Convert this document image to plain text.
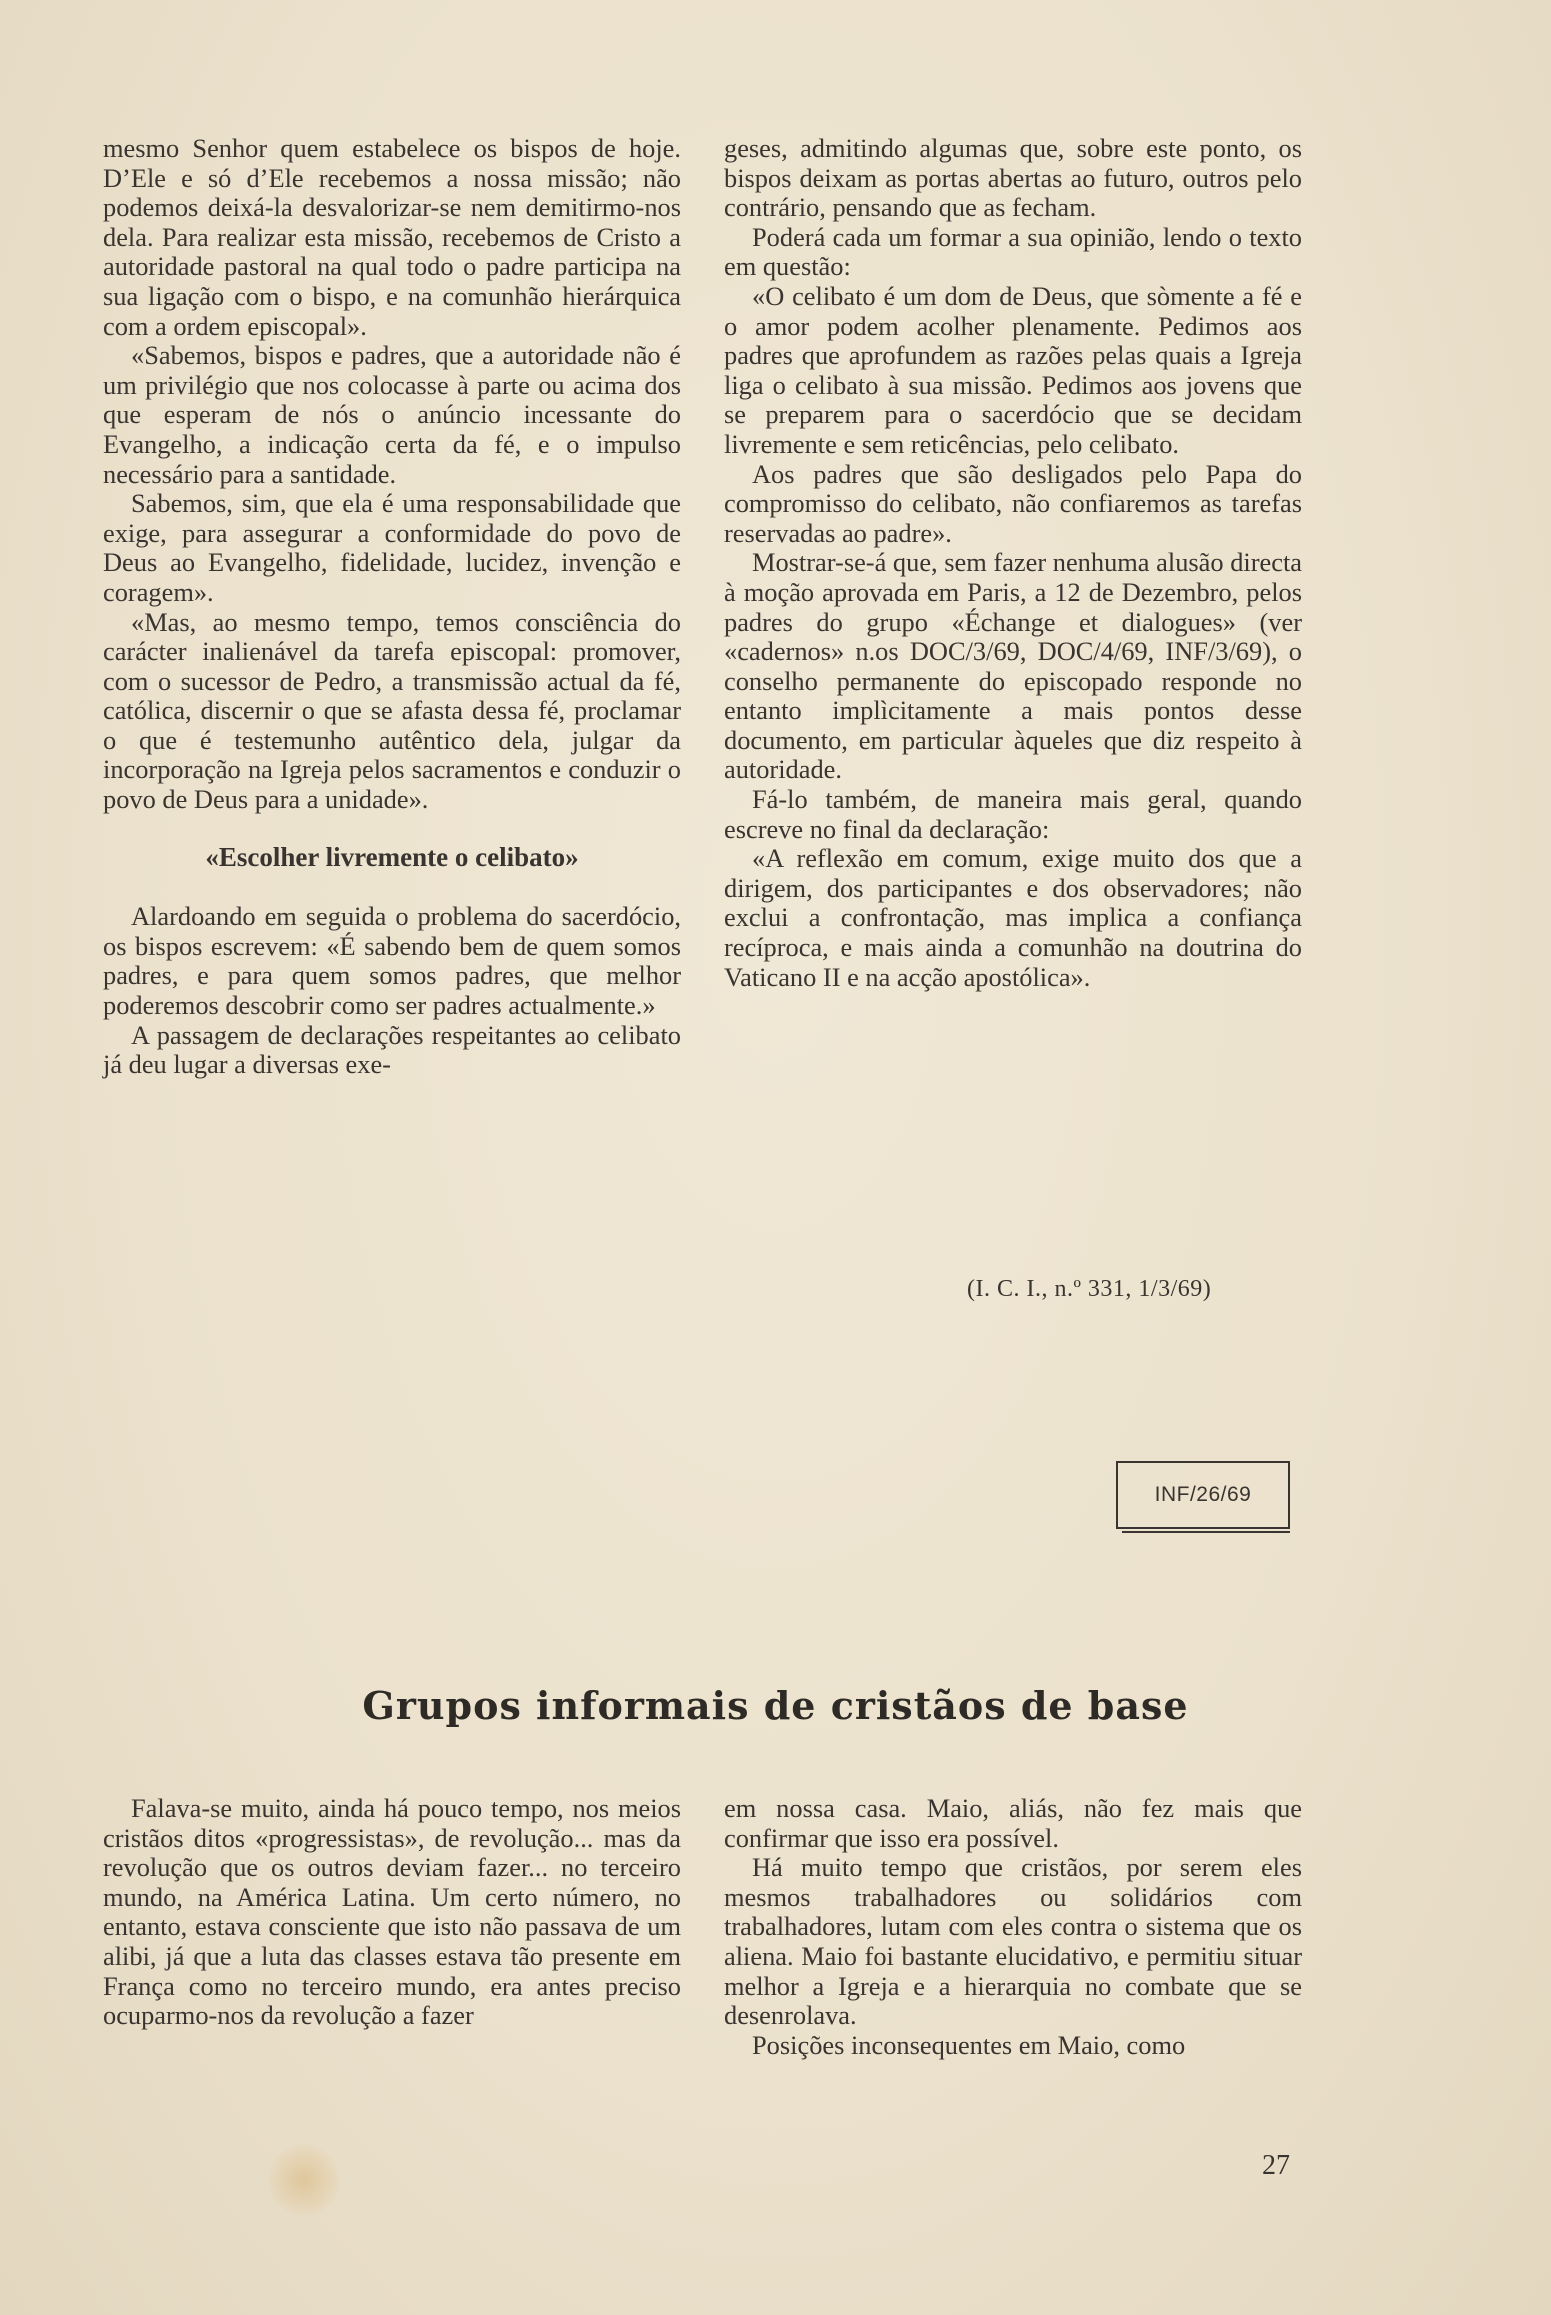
mesmo Senhor quem estabelece os bispos de hoje. D’Ele e só d’Ele recebemos a nossa missão; não podemos deixá-la desvalorizar-se nem demitirmo-nos dela. Para realizar esta missão, recebemos de Cristo a autoridade pastoral na qual todo o padre participa na sua ligação com o bispo, e na comunhão hierárquica com a ordem episcopal».

«Sabemos, bispos e padres, que a autoridade não é um privilégio que nos colocasse à parte ou acima dos que esperam de nós o anúncio incessante do Evangelho, a indicação certa da fé, e o impulso necessário para a santidade.

Sabemos, sim, que ela é uma responsabilidade que exige, para assegurar a conformidade do povo de Deus ao Evangelho, fidelidade, lucidez, invenção e coragem».

«Mas, ao mesmo tempo, temos consciência do carácter inalienável da tarefa episcopal: promover, com o sucessor de Pedro, a transmissão actual da fé, católica, discernir o que se afasta dessa fé, proclamar o que é testemunho autêntico dela, julgar da incorporação na Igreja pelos sacramentos e conduzir o povo de Deus para a unidade».

«Escolher livremente o celibato»

Alardoando em seguida o problema do sacerdócio, os bispos escrevem: «É sabendo bem de quem somos padres, e para quem somos padres, que melhor poderemos descobrir como ser padres actualmente.»

A passagem de declarações respeitantes ao celibato já deu lugar a diversas exe-

geses, admitindo algumas que, sobre este ponto, os bispos deixam as portas abertas ao futuro, outros pelo contrário, pensando que as fecham.

Poderá cada um formar a sua opinião, lendo o texto em questão:

«O celibato é um dom de Deus, que sòmente a fé e o amor podem acolher plenamente. Pedimos aos padres que aprofundem as razões pelas quais a Igreja liga o celibato à sua missão. Pedimos aos jovens que se preparem para o sacerdócio que se decidam livremente e sem reticências, pelo celibato.

Aos padres que são desligados pelo Papa do compromisso do celibato, não confiaremos as tarefas reservadas ao padre».

Mostrar-se-á que, sem fazer nenhuma alusão directa à moção aprovada em Paris, a 12 de Dezembro, pelos padres do grupo «Échange et dialogues» (ver «cadernos» n.os DOC/3/69, DOC/4/69, INF/3/69), o conselho permanente do episcopado responde no entanto implìcitamente a mais pontos desse documento, em particular àqueles que diz respeito à autoridade.

Fá-lo também, de maneira mais geral, quando escreve no final da declaração:

«A reflexão em comum, exige muito dos que a dirigem, dos participantes e dos observadores; não exclui a confrontação, mas implica a confiança recíproca, e mais ainda a comunhão na doutrina do Vaticano II e na acção apostólica».

(I. C. I., n.º 331, 1/3/69)
INF/26/69
Grupos informais de cristãos de base

Falava-se muito, ainda há pouco tempo, nos meios cristãos ditos «progressistas», de revolução... mas da revolução que os outros deviam fazer... no terceiro mundo, na América Latina. Um certo número, no entanto, estava consciente que isto não passava de um alibi, já que a luta das classes estava tão presente em França como no terceiro mundo, era antes preciso ocuparmo-nos da revolução a fazer

em nossa casa. Maio, aliás, não fez mais que confirmar que isso era possível.

Há muito tempo que cristãos, por serem eles mesmos trabalhadores ou solidários com trabalhadores, lutam com eles contra o sistema que os aliena. Maio foi bastante elucidativo, e permitiu situar melhor a Igreja e a hierarquia no combate que se desenrolava.

Posições inconsequentes em Maio, como

27
